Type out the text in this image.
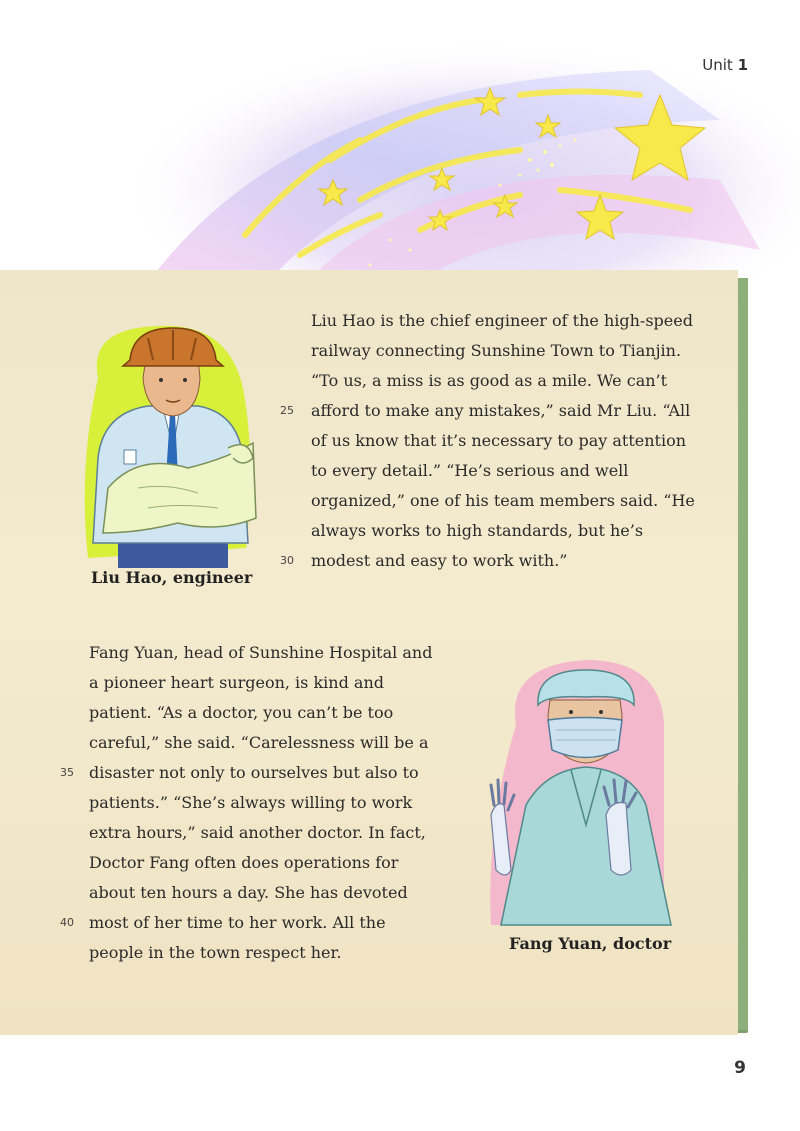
Unit 1
Liu Hao, engineer
Liu Hao is the chief engineer of the high-speed
railway connecting Sunshine Town to Tianjin.
“To us, a miss is as good as a mile. We can’t
afford to make any mistakes,” said Mr Liu. “All
of us know that it’s necessary to pay attention
to every detail.” “He’s serious and well
organized,” one of his team members said. “He
always works to high standards, but he’s
modest and easy to work with.”
25
30
Fang Yuan, head of Sunshine Hospital and
a pioneer heart surgeon, is kind and
patient. “As a doctor, you can’t be too
careful,” she said. “Carelessness will be a
disaster not only to ourselves but also to
patients.” “She’s always willing to work
extra hours,” said another doctor. In fact,
Doctor Fang often does operations for
about ten hours a day. She has devoted
most of her time to her work. All the
people in the town respect her.
35
40
Fang Yuan, doctor
9
